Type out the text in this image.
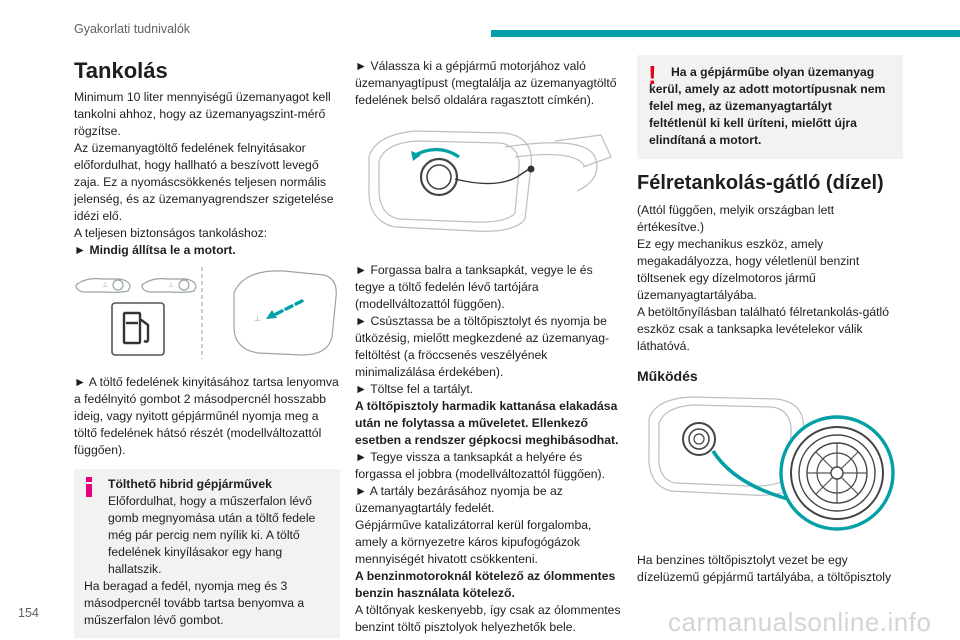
Gyakorlati tudnivalók
Tankolás

Minimum 10 liter mennyiségű üzemanyagot kell tankolni ahhoz, hogy az üzemanyagszint-mérő rögzítse.

Az üzemanyagtöltő fedelének felnyitásakor előfordulhat, hogy hallható a beszívott levegő zaja. Ez a nyomáscsökkenés teljesen normális jelenség, és az üzemanyagrendszer szigetelése idézi elő.

A teljesen biztonságos tankoláshoz:

► Mindig állítsa le a motort.

⊥	⊥
⊥

► A töltő fedelének kinyitásához tartsa lenyomva a fedélnyitó gombot 2 másodpercnél hosszabb ideig, vagy nyitott gépjárműnél nyomja meg a töltő fedelének hátsó részét (modellváltozattól függően).

Tölthető hibrid gépjárművek

Előfordulhat, hogy a műszerfalon lévő gomb megnyomása után a töltő fedele még pár percig nem nyílik ki. A töltő fedelének kinyílásakor egy hang hallatszik.

Ha beragad a fedél, nyomja meg és 3 másodpercnél tovább tartsa benyomva a műszerfalon lévő gombot.

► Válassza ki a gépjármű motorjához való üzemanyagtípust (megtalálja az üzemanyagtöltő fedelének belső oldalára ragasztott címkén).

► Forgassa balra a tanksapkát, vegye le és tegye a töltő fedelén lévő tartójára (modellváltozattól függően).

► Csúsztassa be a töltőpisztolyt és nyomja be ütközésig, mielőtt megkezdené az üzemanyag-feltöltést (a fröccsenés veszélyének minimalizálása érdekében).

► Töltse fel a tartályt.

A töltőpisztoly harmadik kattanása elakadása után ne folytassa a műveletet. Ellenkező esetben a rendszer gépkocsi meghibásodhat.

► Tegye vissza a tanksapkát a helyére és forgassa el jobbra (modellváltozattól függően).

► A tartály bezárásához nyomja be az üzemanyagtartály fedelét.

Gépjárműve katalizátorral kerül forgalomba, amely a környezetre káros kipufogógázok mennyiségét hivatott csökkenteni.

A benzinmotoroknál kötelező az ólommentes benzin használata kötelező.

A töltőnyak keskenyebb, így csak az ólommentes benzint töltő pisztolyok helyezhetők bele.

!	Ha a gépjárműbe olyan üzemanyag kerül, amely az adott motortípusnak nem felel meg, az üzemanyagtartályt feltétlenül ki kell üríteni, mielőtt újra elindítaná a motort.

Félretankolás-gátló (dízel)

(Attól függően, melyik országban lett értékesítve.)

Ez egy mechanikus eszköz, amely megakadályozza, hogy véletlenül benzint töltsenek egy dízelmotoros jármű üzemanyagtartályába.

A betöltőnyílásban található félretankolás-gátló eszköz csak a tanksapka levételekor válik láthatóvá.

Működés

Ha benzines töltőpisztolyt vezet be egy dízelüzemű gépjármű tartályába, a töltőpisztoly

154	carmanualsonline.info
